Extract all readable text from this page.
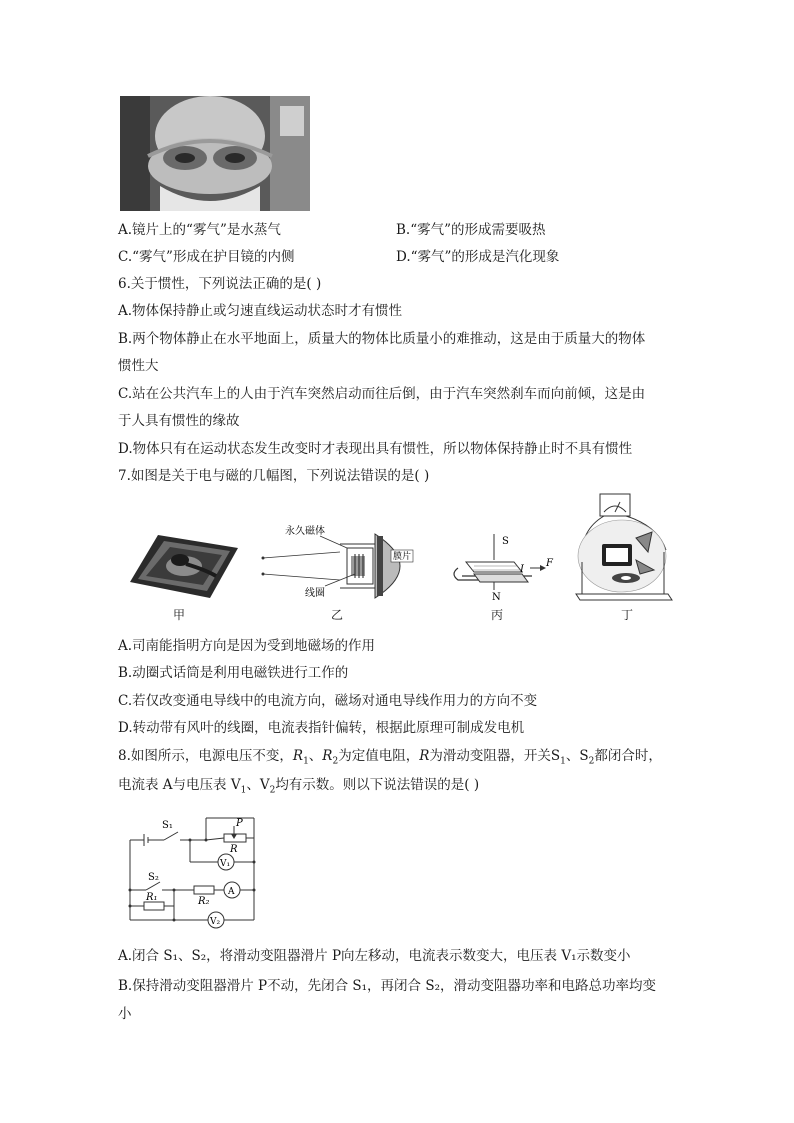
A.镜片上的“雾气”是水蒸气	B.“雾气”的形成需要吸热
C.“雾气”形成在护目镜的内侧	D.“雾气”的形成是汽化现象
6.关于惯性，下列说法正确的是( )
A.物体保持静止或匀速直线运动状态时才有惯性
B.两个物体静止在水平地面上，质量大的物体比质量小的难推动，这是由于质量大的物体
惯性大
C.站在公共汽车上的人由于汽车突然启动而往后倒，由于汽车突然刹车而向前倾，这是由
于人具有惯性的缘故
D.物体只有在运动状态发生改变时才表现出具有惯性，所以物体保持静止时不具有惯性
7.如图是关于电与磁的几幅图，下列说法错误的是( )
甲
永久磁体
膜片
线圈
乙
S
N
I
F
丙	丁
A.司南能指明方向是因为受到地磁场的作用
B.动圈式话筒是利用电磁铁进行工作的
C.若仅改变通电导线中的电流方向，磁场对通电导线作用力的方向不变
D.转动带有风叶的线圈，电流表指针偏转，根据此原理可制成发电机
8.如图所示，电源电压不变，$R_1$、$R_2$为定值电阻，R为滑动变阻器，开关$S_1$、$S_2$都闭合时，
电流表 A与电压表 $V_1$、$V_2$均有示数。则以下说法错误的是( )
S₁
S₂
P
R
R₂
R₁
V₁
A
V₂
A.闭合 S₁、S₂，将滑动变阻器滑片 P向左移动，电流表示数变大，电压表 V₁示数变小
B.保持滑动变阻器滑片 P不动，先闭合 S₁，再闭合 S₂，滑动变阻器功率和电路总功率均变
小
